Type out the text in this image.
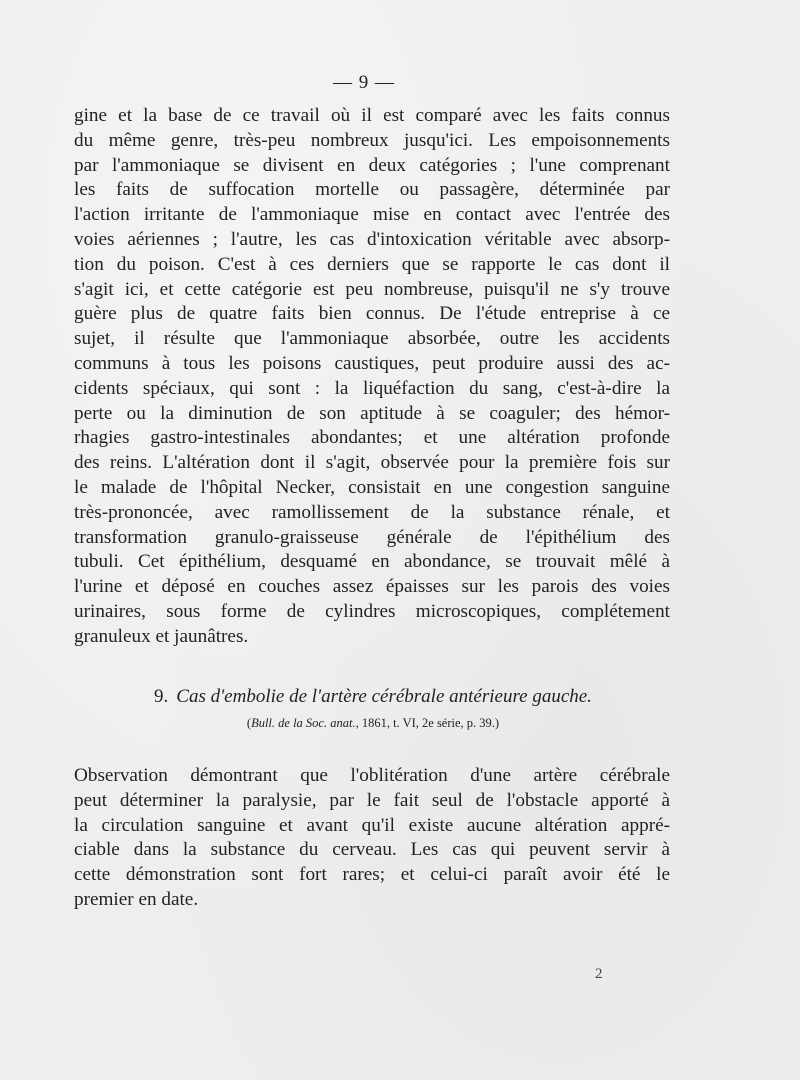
— 9 —

gine et la base de ce travail où il est comparé avec les faits connus
du même genre, très-peu nombreux jusqu'ici. Les empoisonnements
par l'ammoniaque se divisent en deux catégories ; l'une comprenant
les faits de suffocation mortelle ou passagère, déterminée par
l'action irritante de l'ammoniaque mise en contact avec l'entrée des
voies aériennes ; l'autre, les cas d'intoxication véritable avec absorp-
tion du poison. C'est à ces derniers que se rapporte le cas dont il
s'agit ici, et cette catégorie est peu nombreuse, puisqu'il ne s'y trouve
guère plus de quatre faits bien connus. De l'étude entreprise à ce
sujet, il résulte que l'ammoniaque absorbée, outre les accidents
communs à tous les poisons caustiques, peut produire aussi des ac-
cidents spéciaux, qui sont : la liquéfaction du sang, c'est-à-dire la
perte ou la diminution de son aptitude à se coaguler; des hémor-
rhagies gastro-intestinales abondantes; et une altération profonde
des reins. L'altération dont il s'agit, observée pour la première fois sur
le malade de l'hôpital Necker, consistait en une congestion sanguine
très-prononcée, avec ramollissement de la substance rénale, et
transformation granulo-graisseuse générale de l'épithélium des
tubuli. Cet épithélium, desquamé en abondance, se trouvait mêlé à
l'urine et déposé en couches assez épaisses sur les parois des voies
urinaires, sous forme de cylindres microscopiques, complétement
granuleux et jaunâtres.

9. Cas d'embolie de l'artère cérébrale antérieure gauche.

(Bull. de la Soc. anat., 1861, t. VI, 2e série, p. 39.)

Observation démontrant que l'oblitération d'une artère cérébrale
peut déterminer la paralysie, par le fait seul de l'obstacle apporté à
la circulation sanguine et avant qu'il existe aucune altération appré-
ciable dans la substance du cerveau. Les cas qui peuvent servir à
cette démonstration sont fort rares; et celui-ci paraît avoir été le
premier en date.

2
